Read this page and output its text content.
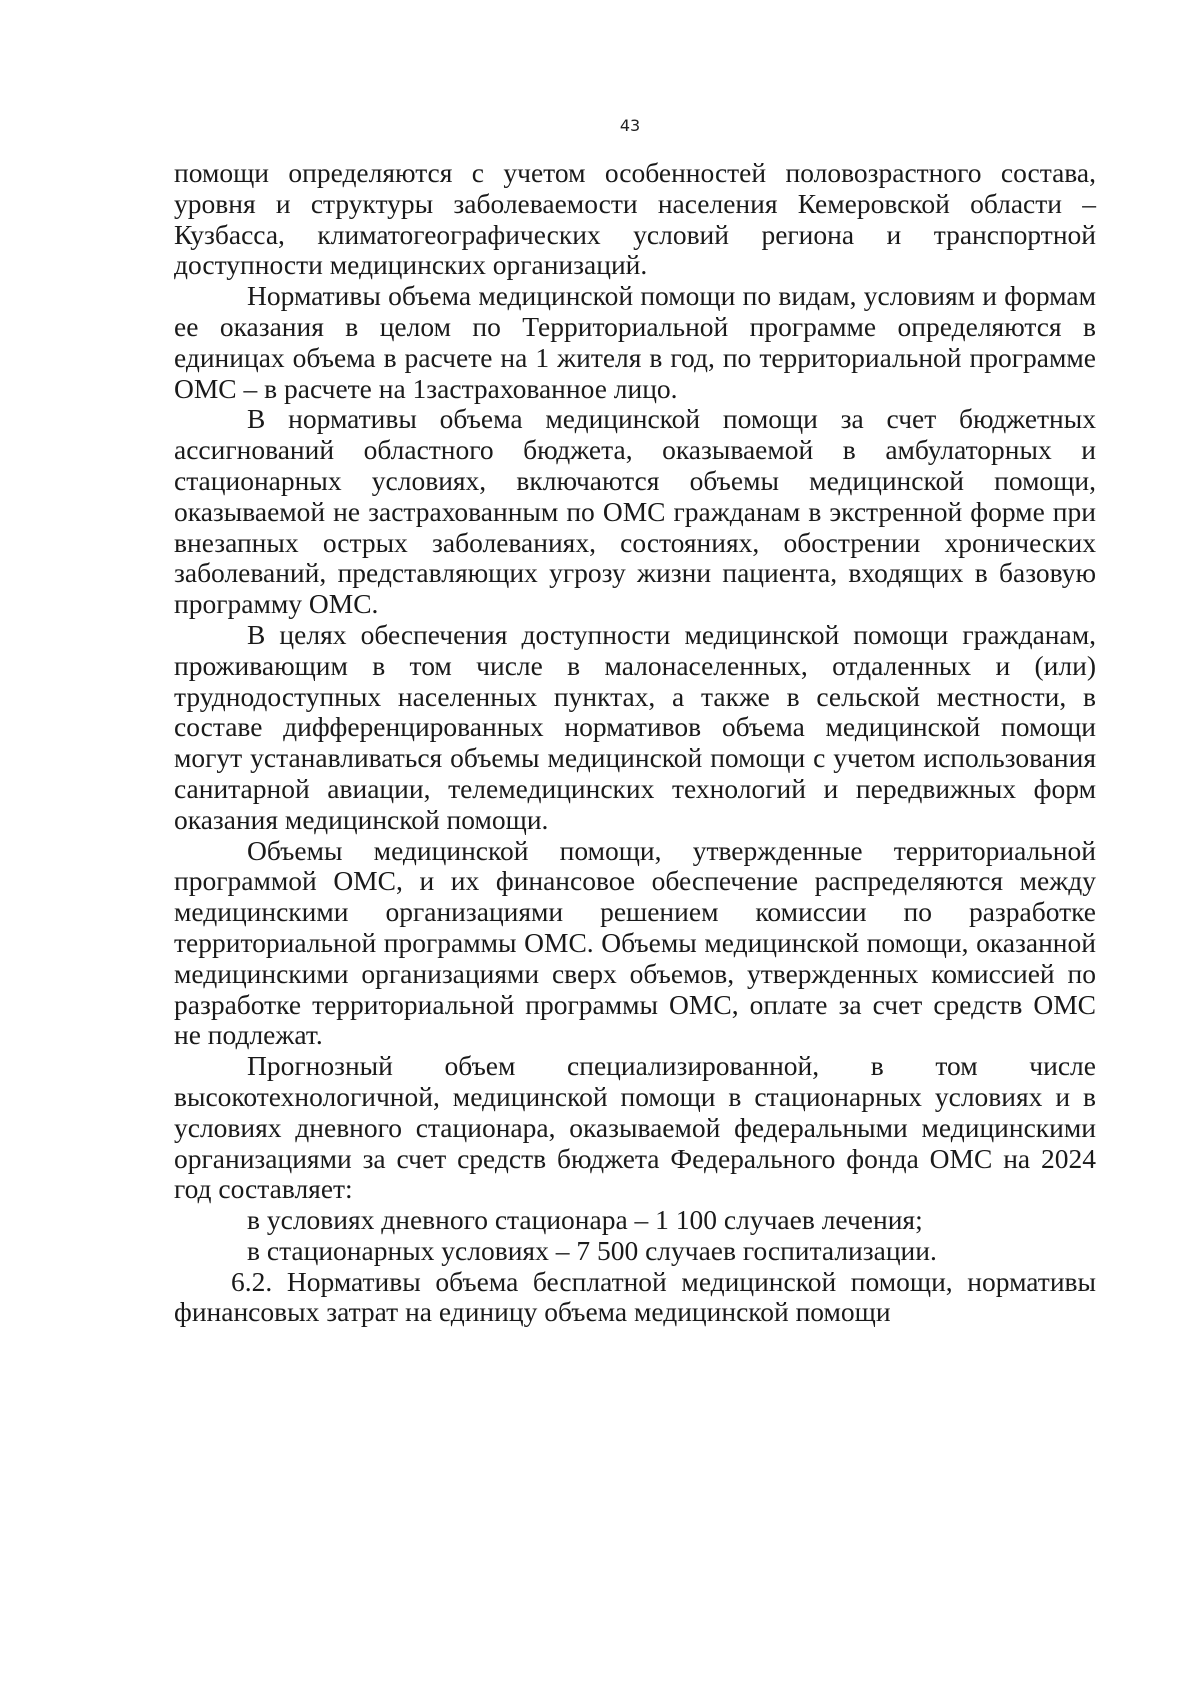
43

помощи определяются с учетом особенностей половозрастного состава, уровня и структуры заболеваемости населения Кемеровской области – Кузбасса, климатогеографических условий региона и транспортной доступности медицинских организаций.

Нормативы объема медицинской помощи по видам, условиям и формам ее оказания в целом по Территориальной программе определяются в единицах объема в расчете на 1 жителя в год, по территориальной программе ОМС – в расчете на 1застрахованное лицо.

В нормативы объема медицинской помощи за счет бюджетных ассигнований областного бюджета, оказываемой в амбулаторных и стационарных условиях, включаются объемы медицинской помощи, оказываемой не застрахованным по ОМС гражданам в экстренной форме при внезапных острых заболеваниях, состояниях, обострении хронических заболеваний, представляющих угрозу жизни пациента, входящих в базовую программу ОМС.

В целях обеспечения доступности медицинской помощи гражданам, проживающим в том числе в малонаселенных, отдаленных и (или) труднодоступных населенных пунктах, а также в сельской местности, в составе дифференцированных нормативов объема медицинской помощи могут устанавливаться объемы медицинской помощи с учетом использования санитарной авиации, телемедицинских технологий и передвижных форм оказания медицинской помощи.

Объемы медицинской помощи, утвержденные территориальной программой ОМС, и их финансовое обеспечение распределяются между медицинскими организациями решением комиссии по разработке территориальной программы ОМС. Объемы медицинской помощи, оказанной медицинскими организациями сверх объемов, утвержденных комиссией по разработке территориальной программы ОМС, оплате за счет средств ОМС не подлежат.

Прогнозный объем специализированной, в том числе высокотехнологичной, медицинской помощи в стационарных условиях и в условиях дневного стационара, оказываемой федеральными медицинскими организациями за счет средств бюджета Федерального фонда ОМС на 2024 год составляет:

в условиях дневного стационара – 1 100 случаев лечения;

в стационарных условиях – 7 500 случаев госпитализации.

6.2. Нормативы объема бесплатной медицинской помощи, нормативы финансовых затрат на единицу объема медицинской помощи
